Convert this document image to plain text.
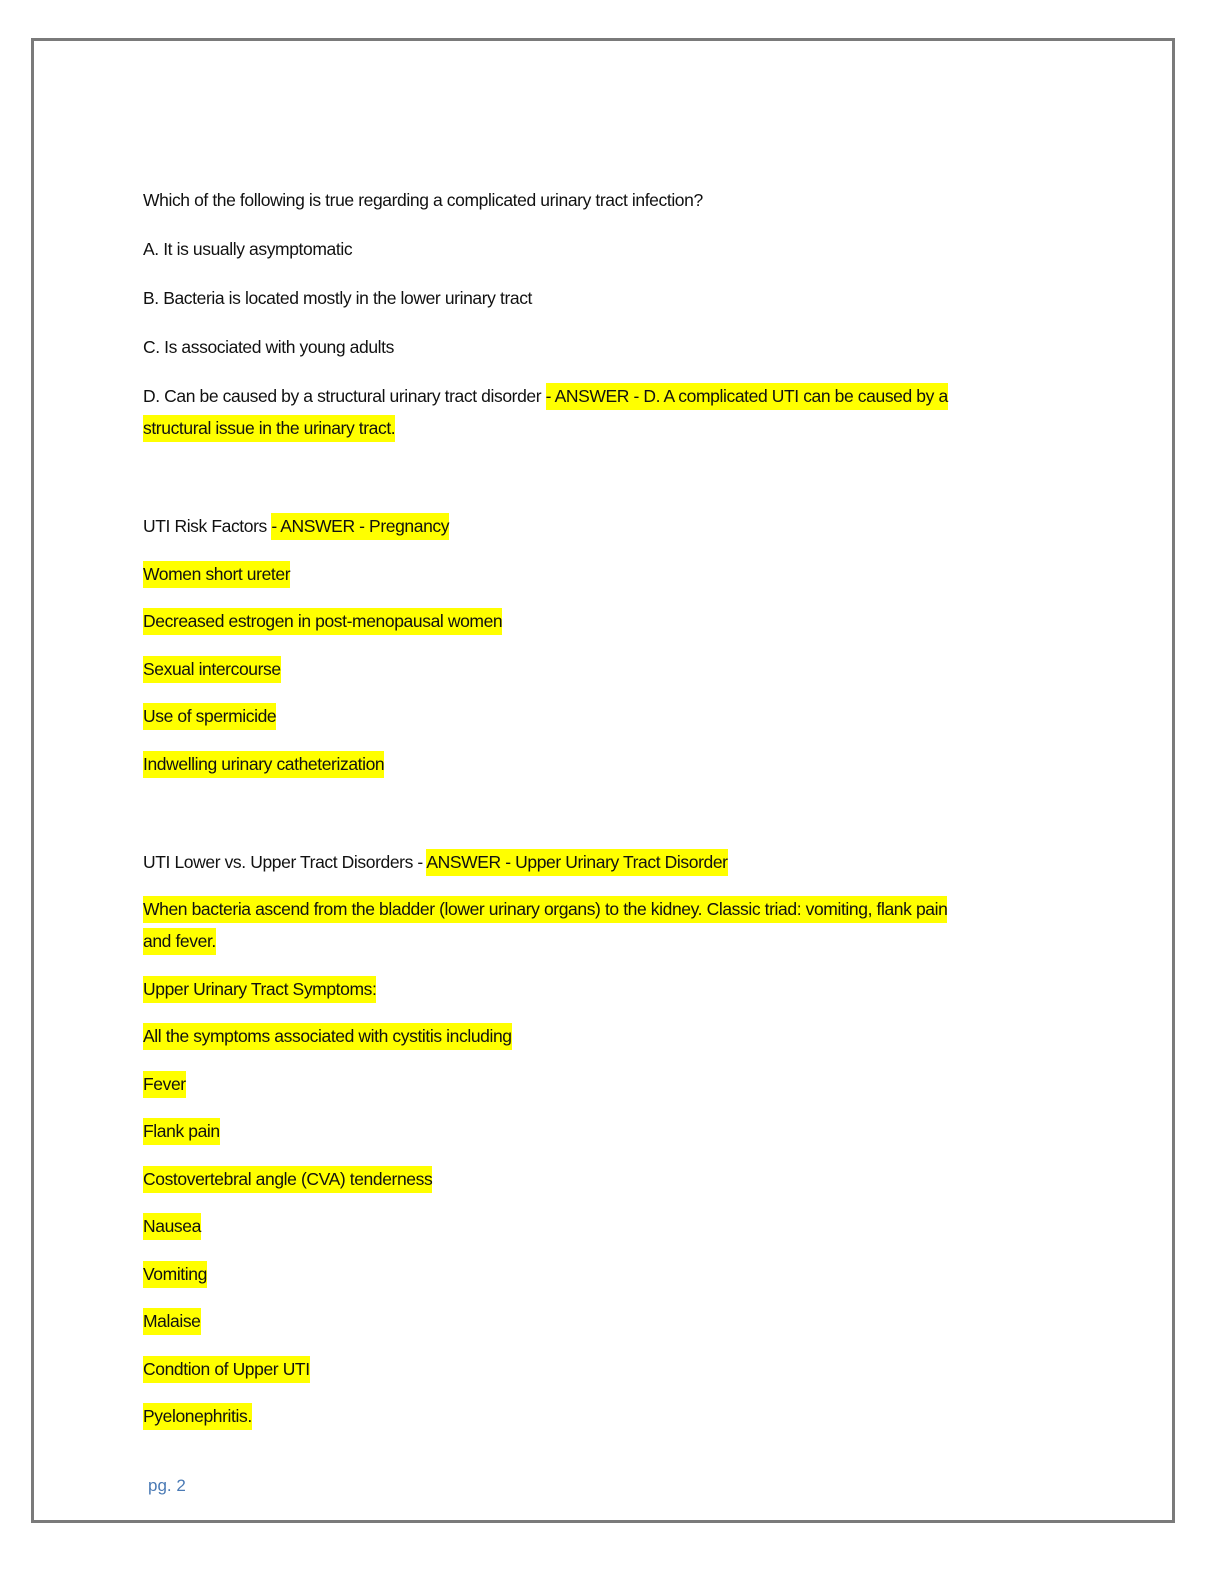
Which of the following is true regarding a complicated urinary tract infection?
A. It is usually asymptomatic
B. Bacteria is located mostly in the lower urinary tract
C. Is associated with young adults
D. Can be caused by a structural urinary tract disorder - ANSWER - D. A complicated UTI can be caused by a
structural issue in the urinary tract.
UTI Risk Factors - ANSWER - Pregnancy
Women short ureter
Decreased estrogen in post-menopausal women
Sexual intercourse
Use of spermicide
Indwelling urinary catheterization
UTI Lower vs. Upper Tract Disorders - ANSWER - Upper Urinary Tract Disorder
When bacteria ascend from the bladder (lower urinary organs) to the kidney. Classic triad: vomiting, flank pain
and fever.
Upper Urinary Tract Symptoms:
All the symptoms associated with cystitis including
Fever
Flank pain
Costovertebral angle (CVA) tenderness
Nausea
Vomiting
Malaise
Condtion of Upper UTI
Pyelonephritis.
pg. 2
